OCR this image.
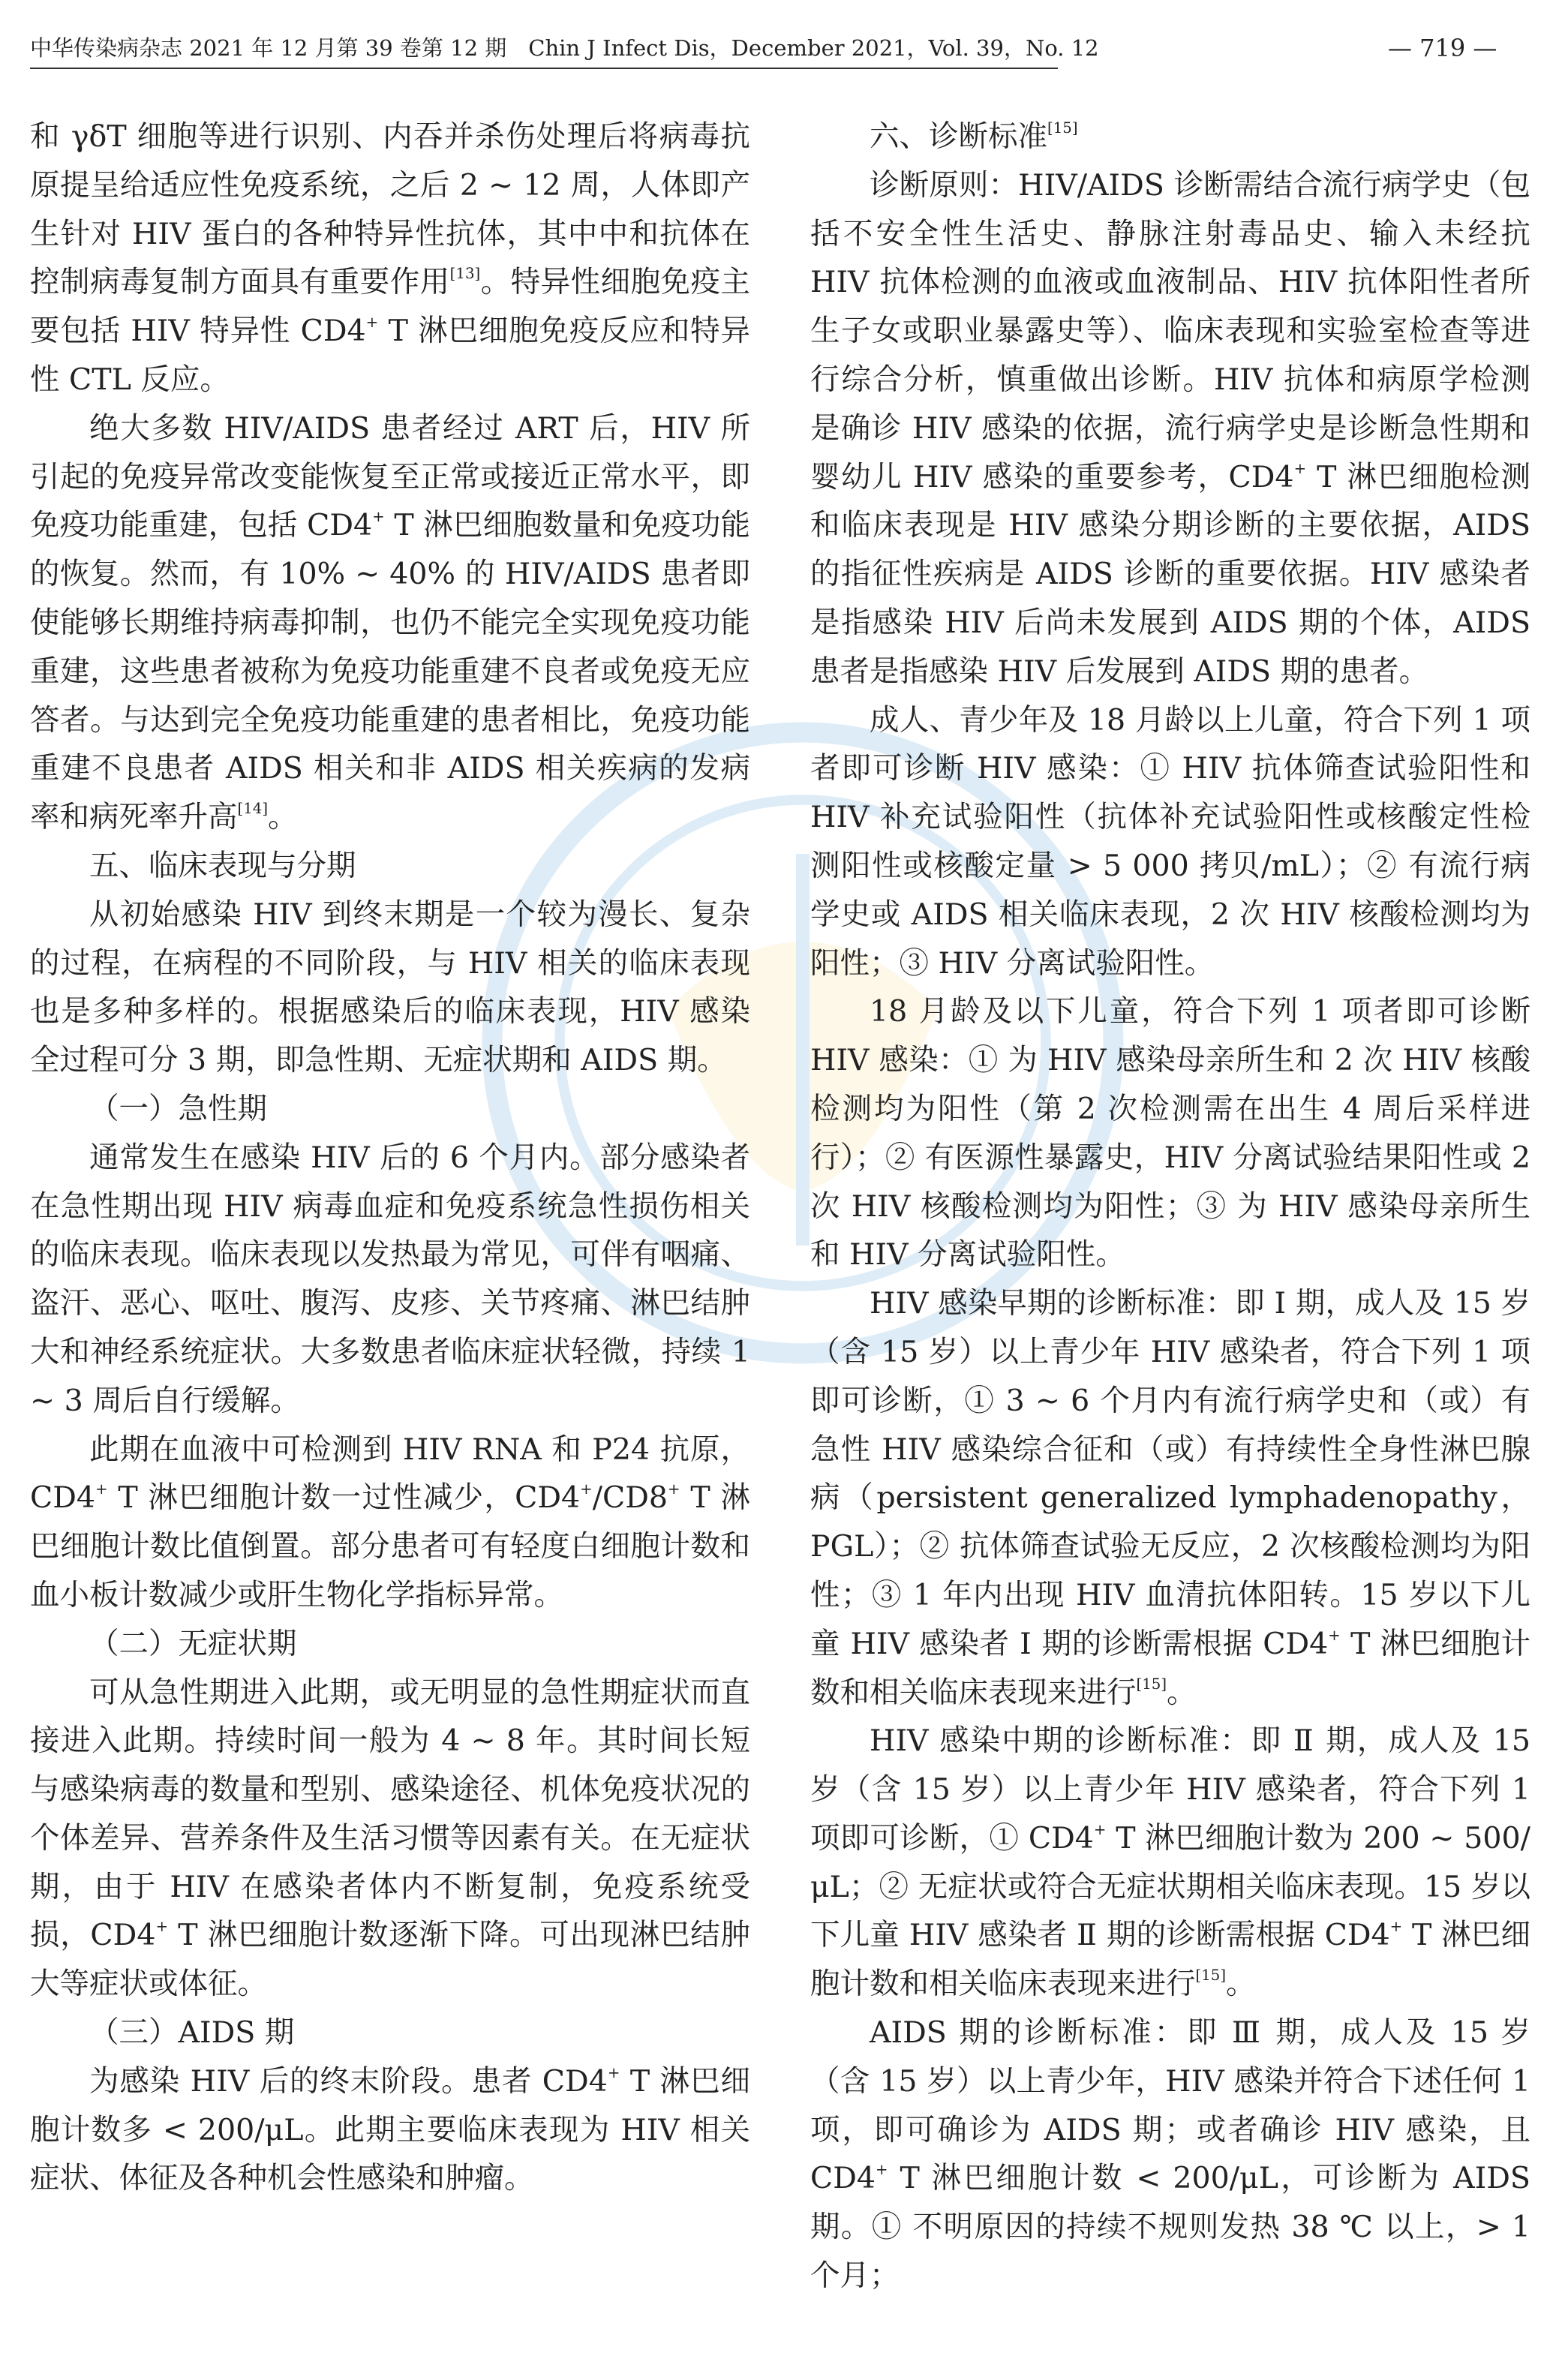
中华传染病杂志 2021 年 12 月第 39 卷第 12 期　Chin J Infect Dis，December 2021，Vol. 39，No. 12	— 719 —

和 γδT 细胞等进行识别、内吞并杀伤处理后将病毒抗原提呈给适应性免疫系统，之后 2 ~ 12 周，人体即产生针对 HIV 蛋白的各种特异性抗体，其中中和抗体在控制病毒复制方面具有重要作用[13]。特异性细胞免疫主要包括 HIV 特异性 CD4+ T 淋巴细胞免疫反应和特异性 CTL 反应。

绝大多数 HIV/AIDS 患者经过 ART 后，HIV 所引起的免疫异常改变能恢复至正常或接近正常水平，即免疫功能重建，包括 CD4+ T 淋巴细胞数量和免疫功能的恢复。然而，有 10% ~ 40% 的 HIV/AIDS 患者即使能够长期维持病毒抑制，也仍不能完全实现免疫功能重建，这些患者被称为免疫功能重建不良者或免疫无应答者。与达到完全免疫功能重建的患者相比，免疫功能重建不良患者 AIDS 相关和非 AIDS 相关疾病的发病率和病死率升高[14]。

五、临床表现与分期

从初始感染 HIV 到终末期是一个较为漫长、复杂的过程，在病程的不同阶段，与 HIV 相关的临床表现也是多种多样的。根据感染后的临床表现，HIV 感染全过程可分 3 期，即急性期、无症状期和 AIDS 期。

（一）急性期

通常发生在感染 HIV 后的 6 个月内。部分感染者在急性期出现 HIV 病毒血症和免疫系统急性损伤相关的临床表现。临床表现以发热最为常见，可伴有咽痛、盗汗、恶心、呕吐、腹泻、皮疹、关节疼痛、淋巴结肿大和神经系统症状。大多数患者临床症状轻微，持续 1 ~ 3 周后自行缓解。

此期在血液中可检测到 HIV RNA 和 P24 抗原，CD4+ T 淋巴细胞计数一过性减少，CD4+/CD8+ T 淋巴细胞计数比值倒置。部分患者可有轻度白细胞计数和血小板计数减少或肝生物化学指标异常。

（二）无症状期

可从急性期进入此期，或无明显的急性期症状而直接进入此期。持续时间一般为 4 ~ 8 年。其时间长短与感染病毒的数量和型别、感染途径、机体免疫状况的个体差异、营养条件及生活习惯等因素有关。在无症状期，由于 HIV 在感染者体内不断复制，免疫系统受损，CD4+ T 淋巴细胞计数逐渐下降。可出现淋巴结肿大等症状或体征。

（三）AIDS 期

为感染 HIV 后的终末阶段。患者 CD4+ T 淋巴细胞计数多 < 200/μL。此期主要临床表现为 HIV 相关症状、体征及各种机会性感染和肿瘤。

六、诊断标准[15]

诊断原则：HIV/AIDS 诊断需结合流行病学史（包括不安全性生活史、静脉注射毒品史、输入未经抗 HIV 抗体检测的血液或血液制品、HIV 抗体阳性者所生子女或职业暴露史等）、临床表现和实验室检查等进行综合分析，慎重做出诊断。HIV 抗体和病原学检测是确诊 HIV 感染的依据，流行病学史是诊断急性期和婴幼儿 HIV 感染的重要参考，CD4+ T 淋巴细胞检测和临床表现是 HIV 感染分期诊断的主要依据，AIDS 的指征性疾病是 AIDS 诊断的重要依据。HIV 感染者是指感染 HIV 后尚未发展到 AIDS 期的个体，AIDS 患者是指感染 HIV 后发展到 AIDS 期的患者。

成人、青少年及 18 月龄以上儿童，符合下列 1 项者即可诊断 HIV 感染：① HIV 抗体筛查试验阳性和 HIV 补充试验阳性（抗体补充试验阳性或核酸定性检测阳性或核酸定量 > 5 000 拷贝/mL）；② 有流行病学史或 AIDS 相关临床表现，2 次 HIV 核酸检测均为阳性；③ HIV 分离试验阳性。

18 月龄及以下儿童，符合下列 1 项者即可诊断 HIV 感染：① 为 HIV 感染母亲所生和 2 次 HIV 核酸检测均为阳性（第 2 次检测需在出生 4 周后采样进行）；② 有医源性暴露史，HIV 分离试验结果阳性或 2 次 HIV 核酸检测均为阳性；③ 为 HIV 感染母亲所生和 HIV 分离试验阳性。

HIV 感染早期的诊断标准：即 Ⅰ 期，成人及 15 岁（含 15 岁）以上青少年 HIV 感染者，符合下列 1 项即可诊断，① 3 ~ 6 个月内有流行病学史和（或）有急性 HIV 感染综合征和（或）有持续性全身性淋巴腺病（persistent generalized lymphadenopathy，PGL）；② 抗体筛查试验无反应，2 次核酸检测均为阳性；③ 1 年内出现 HIV 血清抗体阳转。15 岁以下儿童 HIV 感染者 Ⅰ 期的诊断需根据 CD4+ T 淋巴细胞计数和相关临床表现来进行[15]。

HIV 感染中期的诊断标准：即 Ⅱ 期，成人及 15 岁（含 15 岁）以上青少年 HIV 感染者，符合下列 1 项即可诊断，① CD4+ T 淋巴细胞计数为 200 ~ 500/μL；② 无症状或符合无症状期相关临床表现。15 岁以下儿童 HIV 感染者 Ⅱ 期的诊断需根据 CD4+ T 淋巴细胞计数和相关临床表现来进行[15]。

AIDS 期的诊断标准：即 Ⅲ 期，成人及 15 岁（含 15 岁）以上青少年，HIV 感染并符合下述任何 1 项，即可确诊为 AIDS 期；或者确诊 HIV 感染，且 CD4+ T 淋巴细胞计数 < 200/μL，可诊断为 AIDS 期。① 不明原因的持续不规则发热 38 ℃ 以上，> 1 个月；
